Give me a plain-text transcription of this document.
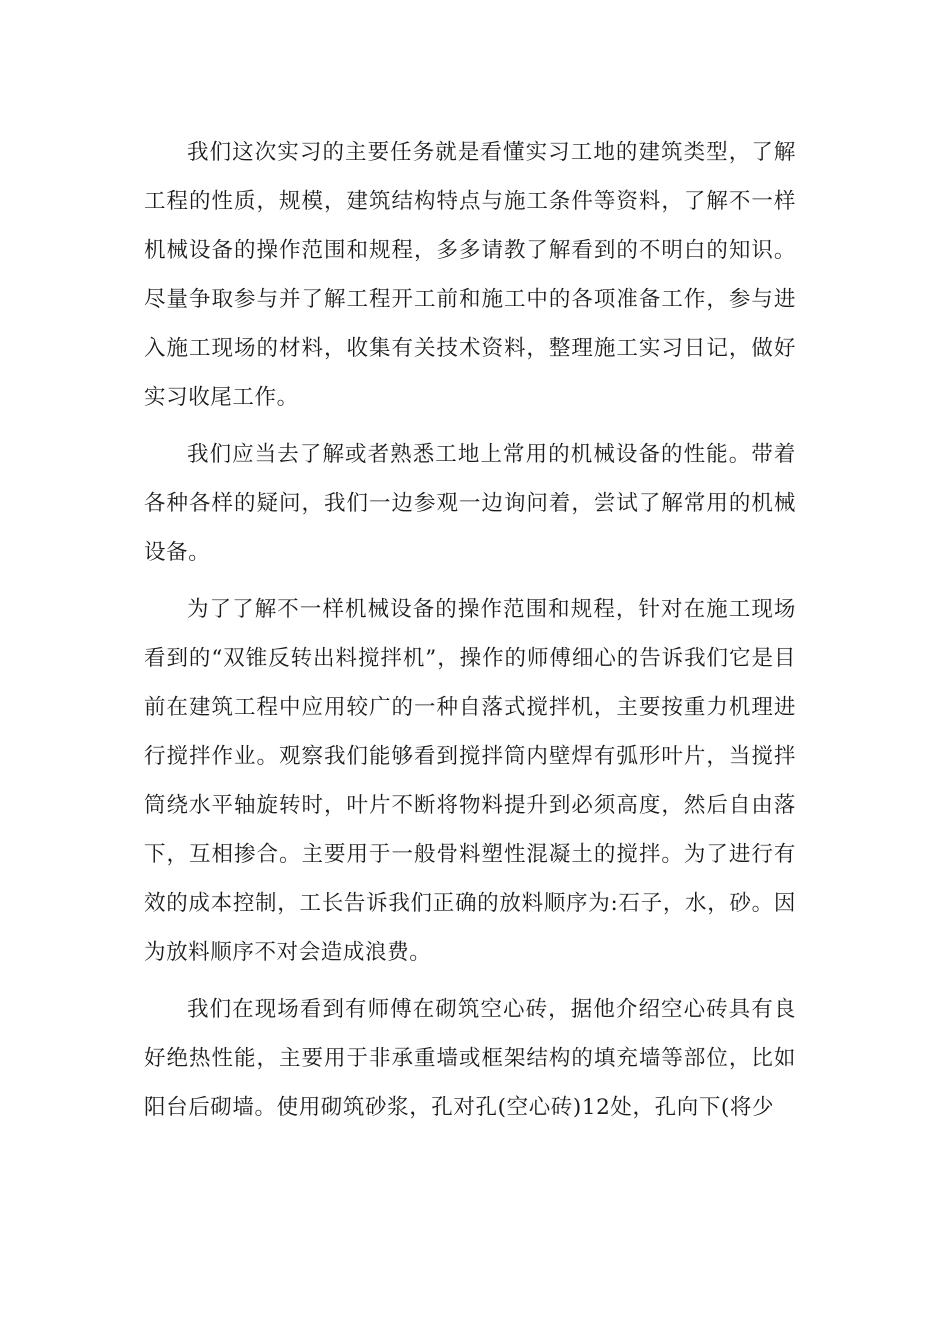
我们这次实习的主要任务就是看懂实习工地的建筑类型，了解工程的性质，规模，建筑结构特点与施工条件等资料，了解不一样机械设备的操作范围和规程，多多请教了解看到的不明白的知识。尽量争取参与并了解工程开工前和施工中的各项准备工作，参与进入施工现场的材料，收集有关技术资料，整理施工实习日记，做好实习收尾工作。

我们应当去了解或者熟悉工地上常用的机械设备的性能。带着各种各样的疑问，我们一边参观一边询问着，尝试了解常用的机械设备。

为了了解不一样机械设备的操作范围和规程，针对在施工现场看到的“双锥反转出料搅拌机”，操作的师傅细心的告诉我们它是目前在建筑工程中应用较广的一种自落式搅拌机，主要按重力机理进行搅拌作业。观察我们能够看到搅拌筒内壁焊有弧形叶片，当搅拌筒绕水平轴旋转时，叶片不断将物料提升到必须高度，然后自由落下，互相掺合。主要用于一般骨料塑性混凝土的搅拌。为了进行有效的成本控制，工长告诉我们正确的放料顺序为:石子，水，砂。因为放料顺序不对会造成浪费。

我们在现场看到有师傅在砌筑空心砖，据他介绍空心砖具有良好绝热性能，主要用于非承重墙或框架结构的填充墙等部位，比如阳台后砌墙。使用砌筑砂浆，孔对孔(空心砖)12处，孔向下(将少
